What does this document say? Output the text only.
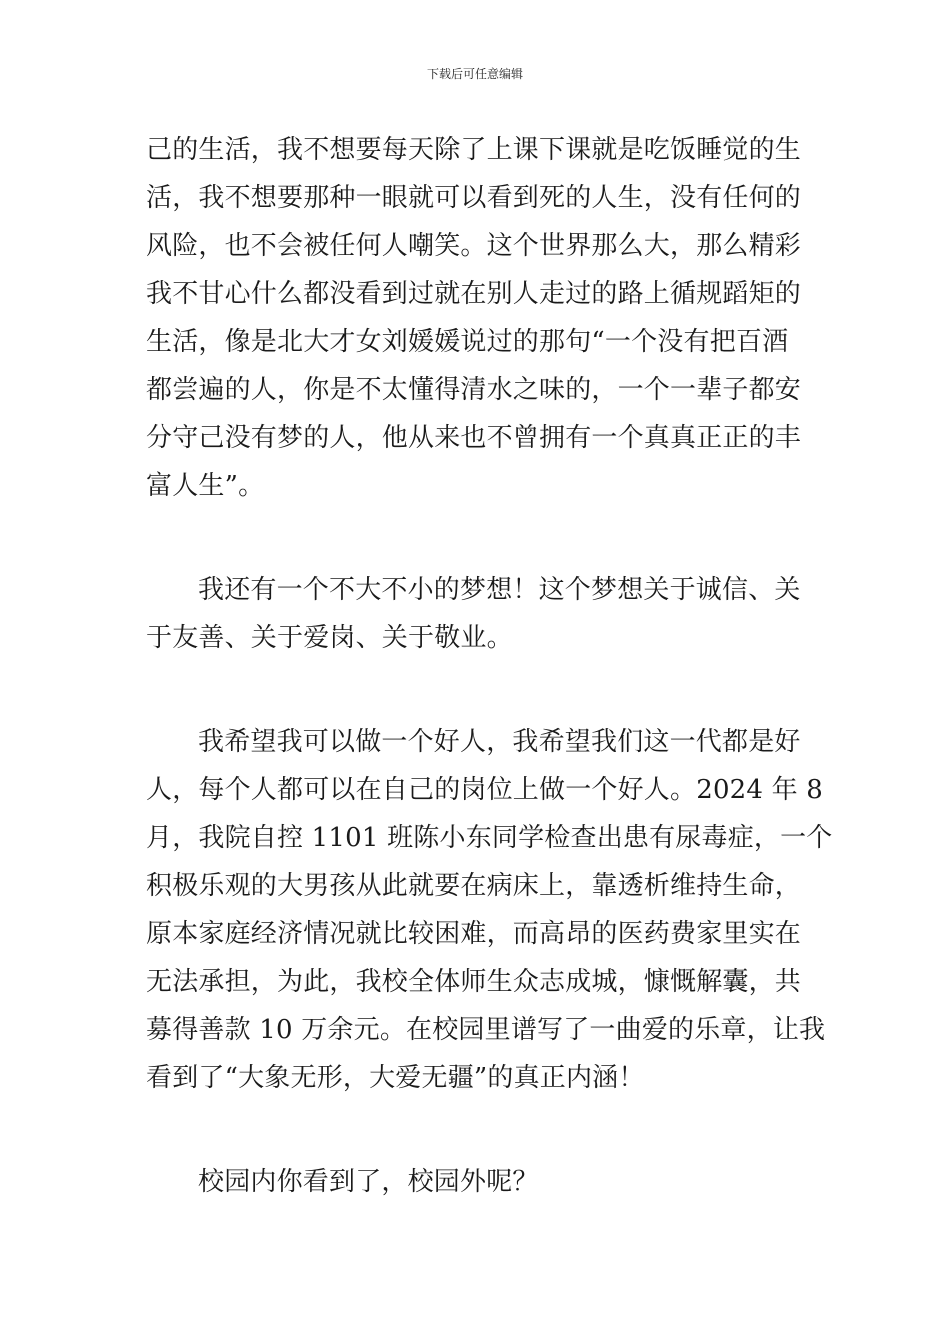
下载后可任意编辑
己的生活，我不想要每天除了上课下课就是吃饭睡觉的生
活，我不想要那种一眼就可以看到死的人生，没有任何的
风险，也不会被任何人嘲笑。这个世界那么大，那么精彩
我不甘心什么都没看到过就在别人走过的路上循规蹈矩的
生活，像是北大才女刘媛媛说过的那句“一个没有把百酒
都尝遍的人，你是不太懂得清水之味的，一个一辈子都安
分守己没有梦的人，他从来也不曾拥有一个真真正正的丰
富人生”。
我还有一个不大不小的梦想！这个梦想关于诚信、关
于友善、关于爱岗、关于敬业。
我希望我可以做一个好人，我希望我们这一代都是好
人，每个人都可以在自己的岗位上做一个好人。2024 年 8
月，我院自控 1101 班陈小东同学检查出患有尿毒症，一个
积极乐观的大男孩从此就要在病床上，靠透析维持生命，
原本家庭经济情况就比较困难，而高昂的医药费家里实在
无法承担，为此，我校全体师生众志成城，慷慨解囊，共
募得善款 10 万余元。在校园里谱写了一曲爱的乐章，让我
看到了“大象无形，大爱无疆”的真正内涵！
校园内你看到了，校园外呢？
